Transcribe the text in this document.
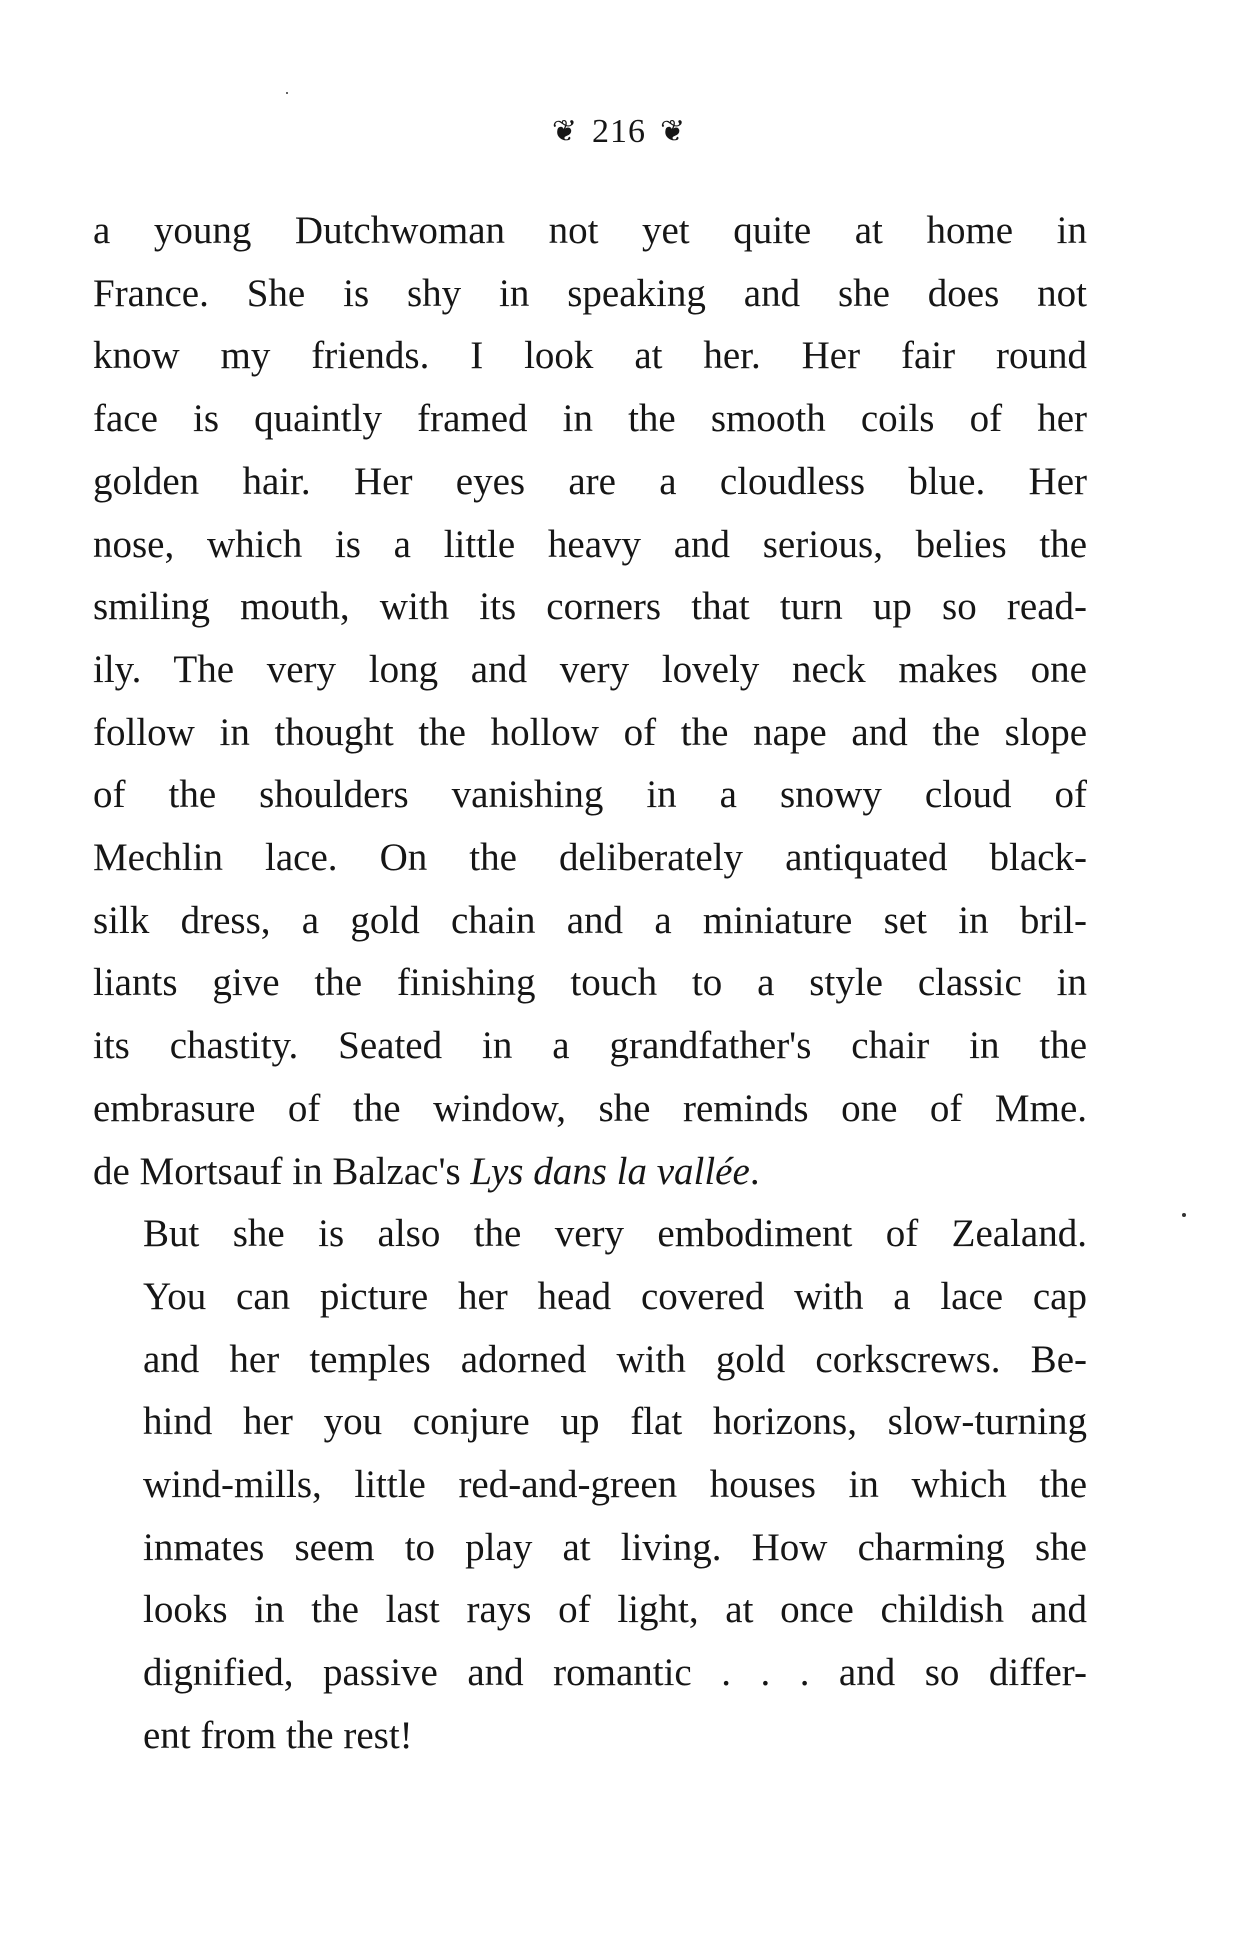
❦ 216 ❦

a young Dutchwoman not yet quite at home in
France. She is shy in speaking and she does not
know my friends. I look at her. Her fair round
face is quaintly framed in the smooth coils of her
golden hair. Her eyes are a cloudless blue. Her
nose, which is a little heavy and serious, belies the
smiling mouth, with its corners that turn up so read-
ily. The very long and very lovely neck makes one
follow in thought the hollow of the nape and the slope
of the shoulders vanishing in a snowy cloud of
Mechlin lace. On the deliberately antiquated black-
silk dress, a gold chain and a miniature set in bril-
liants give the finishing touch to a style classic in
its chastity. Seated in a grandfather's chair in the
embrasure of the window, she reminds one of Mme.
de Mortsauf in Balzac's Lys dans la vallée.

But she is also the very embodiment of Zealand.
You can picture her head covered with a lace cap
and her temples adorned with gold corkscrews. Be-
hind her you conjure up flat horizons, slow-turning
wind-mills, little red-and-green houses in which the
inmates seem to play at living. How charming she
looks in the last rays of light, at once childish and
dignified, passive and romantic . . . and so differ-
ent from the rest!
